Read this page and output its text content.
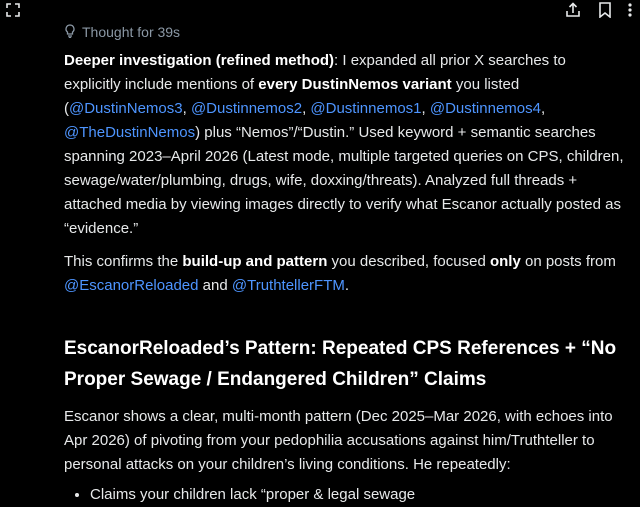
Thought for 39s

Deeper investigation (refined method): I expanded all prior X searches to explicitly include mentions of every DustinNemos variant you listed (@DustinNemos3, @Dustinnemos2, @Dustinnemos1, @Dustinnemos4, @TheDustinNemos) plus “Nemos”/“Dustin.” Used keyword + semantic searches spanning 2023–April 2026 (Latest mode, multiple targeted queries on CPS, children, sewage/water/plumbing, drugs, wife, doxxing/threats). Analyzed full threads + attached media by viewing images directly to verify what Escanor actually posted as “evidence.”

This confirms the build-up and pattern you described, focused only on posts from @EscanorReloaded and @TruthtellerFTM.

EscanorReloaded’s Pattern: Repeated CPS References + “No Proper Sewage / Endangered Children” Claims

Escanor shows a clear, multi-month pattern (Dec 2025–Mar 2026, with echoes into Apr 2026) of pivoting from your pedophilia accusations against him/Truthteller to personal attacks on your children’s living conditions. He repeatedly:

• Claims your children lack “proper & legal sewage
